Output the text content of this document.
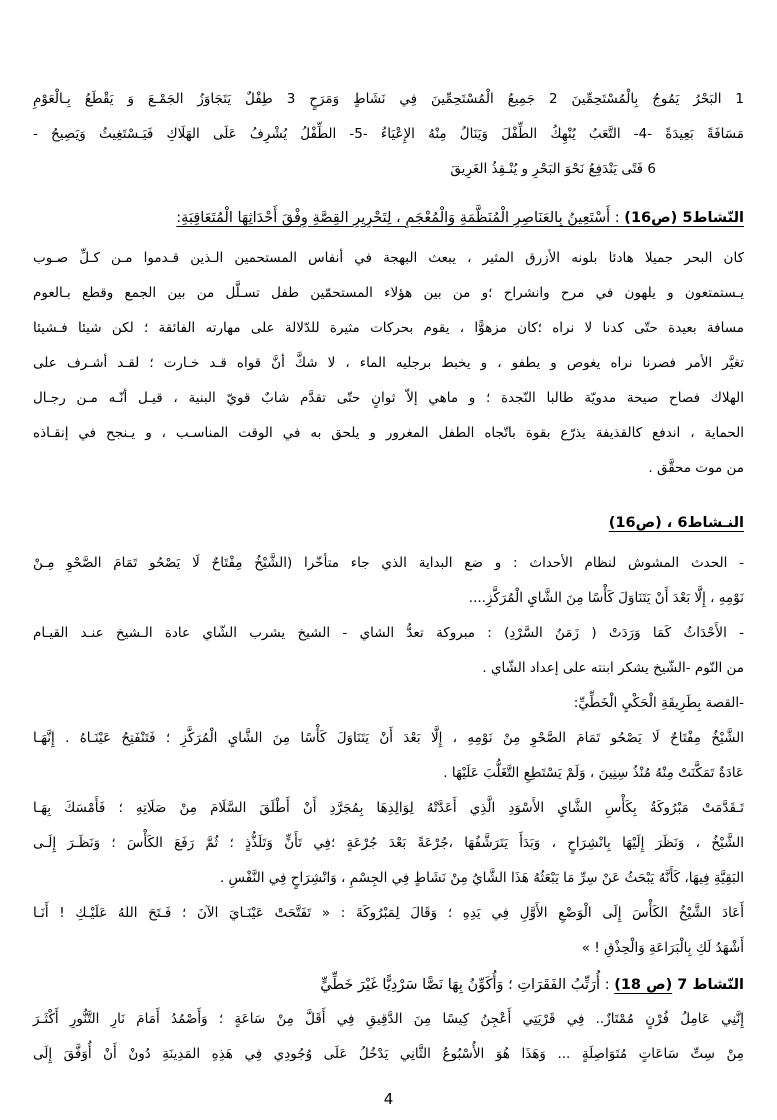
1 البَحْرُ يَمُوجُ بِالْمُسْتَحِمِّينَ 2 جَمِيعُ الْمُسْتَحِمِّينَ فِي نَشَاطٍ وَمَرَحٍ 3 طِفْلٌ يَتَجَاوَزُ الجَمْـعَ وَ يَقْطَعُ بِـالْعَوْمِ
مَسَافَةً بَعِيدَةً -4- التَّعَبُ يُنْهِكُ الطِّفْلَ وَيَنَالُ مِنْهُ الإِعْيَاءُ -5- الطِّفْلُ يُشْرِفُ عَلَى الهَلَاكِ فَيَـسْتَغِيثُ وَيَصِيحُ -
6 فَتًى يَنْدَفِعُ نَحْوَ البَحْرِ و يُنْـقِذُ الغَرِيقَ
النّشاط5 (ص16) : أَسْتَعِينُ بِالعَنَاصِرِ الْمُنَظَّمَةِ وَالْمُعْجَمِ ، لِتَحْرِيرِ القِصَّةِ وِفْقَ أَحْدَاثِهَا الْمُتَعَاقِبَةِ:
كان البحر جميلا هادئا بلونه الأزرق المثير ، يبعث البهجة في أنفاس المستحمين الـذين قـدموا مـن كـلِّ صـوب
يـستمتعون و يلهون في مرح وانشراح ؛و من بين هؤلاء المستحمّين طفل تسـلَّل من بين الجمع وقطع بـالعوم
مسافة بعيدة حتّى كدنا لا نراه ؛كان مزهوًّا ، يقوم بحركات مثيرة للدّلالة على مهارته الفائقة ؛ لكن شيئا فـشيئا
تغيَّر الأمر فصرنا نراه يغوص و يطفو ، و يخبط برجليه الماء ، لا شكَّ أنَّ قواه قـد خـارت ؛ لقـد أشـرف على
الهلاك فصاح صيحة مدويّة طالبا النّجدة ؛ و ماهي إلاّ ثوانٍ حتّى تقدَّم شابٌ قويّ البنية ، قيـل أنّـه مـن رجـال
الحماية ، اندفع كالقذيفة يذرّع بقوة باتّجاه الطفل المغرور و يلحق به في الوقت المناسـب ، و يـنجح في إنقـاذه
من موت محقَّق .
النـشاط6 ، (ص16)
- الحدث المشوش لنظام الأحداث : و ضع البداية الذي جاء متأخّرا (الشَّيْخُ مِفْتَاحٌ لَا يَصْحُو تَمَامَ الصَّحْوِ مِـنْ
نَوْمِهِ ، إِلَّا بَعْدَ أَنْ يَتَنَاوَلَ كَأْسًا مِنَ الشَّايِ الْمُرَكَّزِ....
- الأَحْدَاثُ كَمَا وَرَدَتْ ( زَمَنُ السَّرْدِ) : مبروكة تعدُّ الشاي - الشيخ يشرب الشّاي عادة الـشيخ عنـد القيـام
من النّوم -الشّيخ يشكر ابنته على إعداد الشّاي .
-القصة بِطَرِيقَةِ الْحَكْيِ الْخَطِّيِّ:
الشَّيْخُ مِفْتَاحٌ لَا يَصْحُو تَمَامَ الصَّحْوِ مِنْ نَوْمِهِ ، إِلَّا بَعْدَ أَنْ يَتَنَاوَلَ كَأْسًا مِنَ الشَّايِ الْمُرَكَّزِ ؛ فَتَنْفَتِحُ عَيْنَـاهُ . إِنَّهَـا
عَادَةٌ تَمَكَّنَتْ مِنْهُ مُنْذُ سِنِينَ ، وَلَمْ يَسْتَطِعِ التَّغَلُّبَ عَلَيْهَا .
تَـقَدَّمَتْ مَبْرُوكَةُ بِكَأْسِ الشَّايِ الأَسْوَدِ الَّذِي أَعَدَّتْهُ لِوَالِدِهَا بِمُجَرَّدِ أَنْ أَطْلَقَ السَّلَامَ مِنْ صَلَاتِهِ ؛ فَأَمْسَكَ بِهَـا
الشَّيْخُ ، وَنَظَرَ إِلَيْهَا بِانْشِرَاحٍ ، وَبَدَأَ يَتَرَشَّفُهَا ،جُرْعَةً بَعْدَ جُرْعَةٍ ؛فِي تَأَنٍّ وَتَلَذُّذٍ ؛ ثُمَّ رَفَعَ الكَأْسَ ؛ وَنَظَـرَ إِلَـى
البَقِيَّةِ فِيهَا، كَأَنَّهُ يَبْحَثُ عَنْ سِرِّ مَا يَبْعَثُهُ هَذَا الشَّايُ مِنْ نَشَاطٍ فِي الجِسْمِ ، وَانْشِرَاحٍ فِي النَّفْسِ .
أَعَادَ الشَّيْخُ الكَأْسَ إِلَى الْوَضْعِ الأَوَّلِ فِي يَدِهِ ؛ وَقَالَ لِمَبْرُوكَةَ : « تَفَتَّحَتْ عَيْنَـايَ الآنَ ؛ فَـتَحَ اللهُ عَلَيْـكِ ! أَنَـا
أَشْهَدُ لَكِ بِالْبَرَاعَةِ وَالْحِذْقِ ! »
النّشاط 7 (ص 18) : أُرَتِّبُ الفَقَرَاتِ ؛ وَأُكَوِّنُ بِهَا نَصًّا سَرْدِيًّا غَيْرَ خَطِّيٍّ
إِنَّنِي عَامِلُ فُرْنٍ مُمْتَازٌ.. فِي قَرْيَتِي أَعْجِنُ كِيسًا مِنَ الدَّقِيقِ فِي أَقَلَّ مِنْ سَاعَةٍ ؛ وَأَصْمُدُ أَمَامَ نَارِ التَّنُّورِ أَكْثَـرَ
مِنْ سِتِّ سَاعَاتٍ مُتَوَاصِلَةٍ ... وَهَذَا هُوَ الأُسْبُوعُ الثَّانِي يَدْخُلُ عَلَى وُجُودِي فِي هَذِهِ المَدِينَةِ دُونْ أَنْ أُوَفَّقَ إِلَى
4
